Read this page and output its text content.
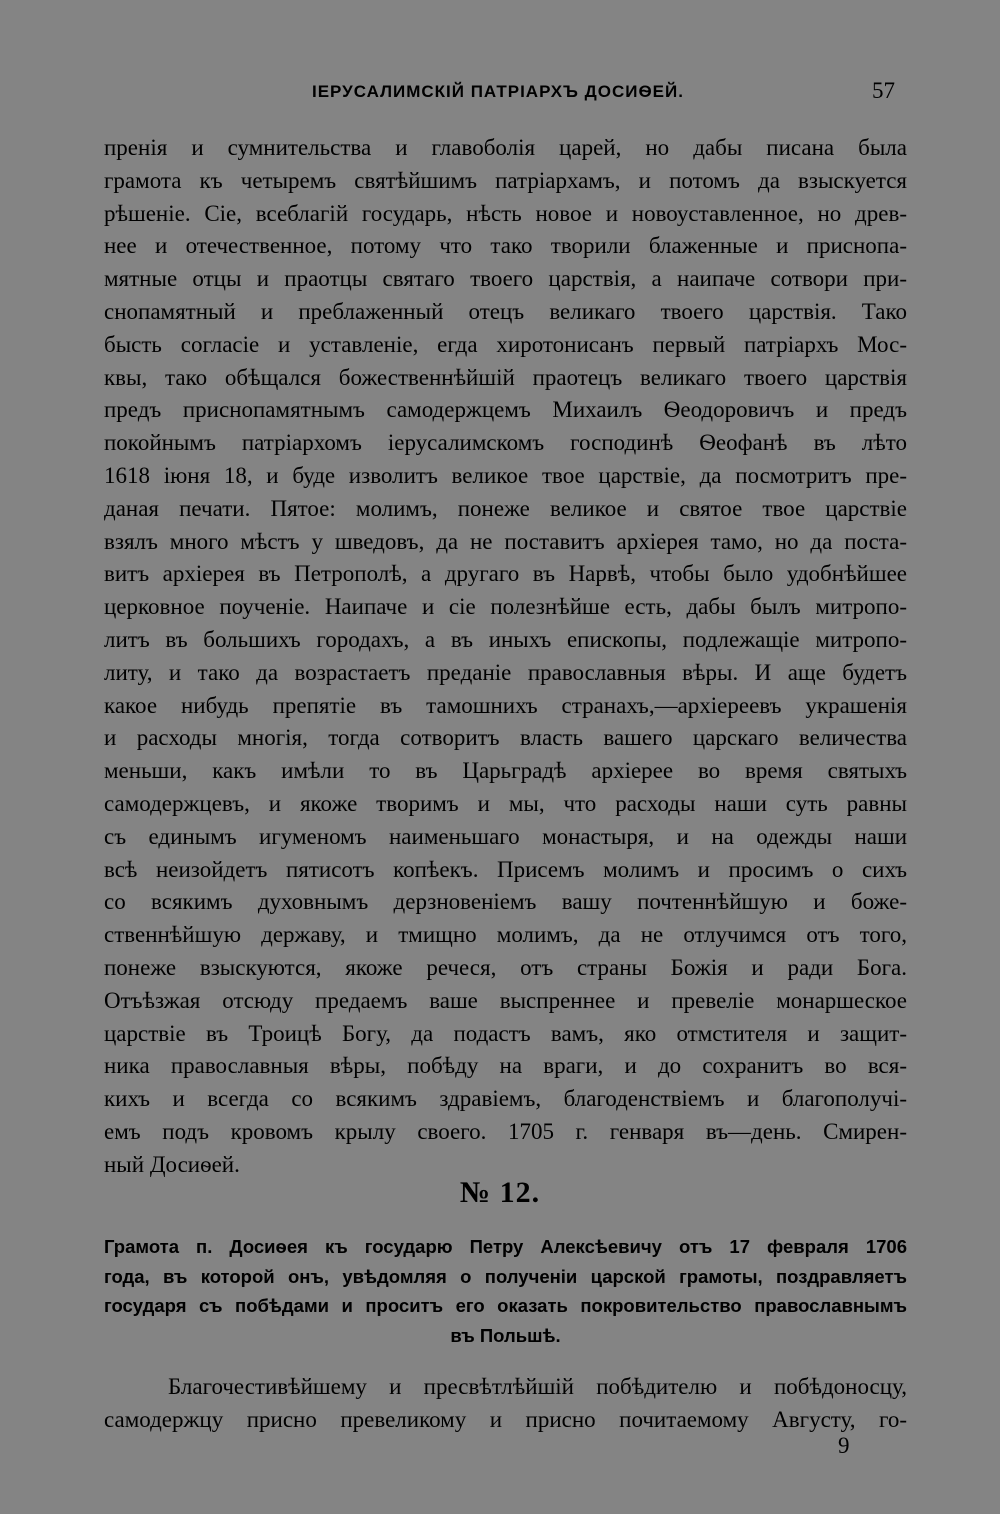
ІЕРУСАЛИМСКІЙ ПАТРІАРХЪ ДОСИѲЕЙ.	57
пренія и сумнительства и главоболія царей, но дабы писана была
грамота къ четыремъ святѣйшимъ патріархамъ, и потомъ да взыскуется
рѣшеніе. Сіе, всеблагій государь, нѣсть новое и новоуставленное, но древ-
нее и отечественное, потому что тако творили блаженные и приснопа-
мятные отцы и праотцы святаго твоего царствія, а наипаче сотвори при-
снопамятный и преблаженный отецъ великаго твоего царствія. Тако
бысть согласіе и уставленіе, егда хиротонисанъ первый патріархъ Мос-
квы, тако обѣщался божественнѣйшій праотецъ великаго твоего царствія
предъ приснопамятнымъ самодержцемъ Михаилъ Ѳеодоровичъ и предъ
покойнымъ патріархомъ іерусалимскомъ господинѣ Ѳеофанѣ въ лѣто
1618 іюня 18, и буде изволитъ великое твое царствіе, да посмотритъ пре-
даная печати. Пятое: молимъ, понеже великое и святое твое царствіе
взялъ много мѣстъ у шведовъ, да не поставитъ архіерея тамо, но да поста-
витъ архіерея въ Петрополѣ, а другаго въ Нарвѣ, чтобы было удобнѣйшее
церковное поученіе. Наипаче и сіе полезнѣйше есть, дабы былъ митропо-
литъ въ большихъ городахъ, а въ иныхъ епископы, подлежащіе митропо-
литу, и тако да возрастаетъ преданіе православныя вѣры. И аще будетъ
какое нибудь препятіе въ тамошнихъ странахъ,—архіереевъ украшенія
и расходы многія, тогда сотворитъ власть вашего царскаго величества
меньши, какъ имѣли то въ Царьградѣ архіерее во время святыхъ
самодержцевъ, и якоже творимъ и мы, что расходы наши суть равны
съ единымъ игуменомъ наименьшаго монастыря, и на одежды наши
всѣ неизойдетъ пятисотъ копѣекъ. Присемъ молимъ и просимъ о сихъ
со всякимъ духовнымъ дерзновеніемъ вашу почтеннѣйшую и боже-
ственнѣйшую державу, и тмищно молимъ, да не отлучимся отъ того,
понеже взыскуются, якоже речеся, отъ страны Божія и ради Бога.
Отъѣзжая отсюду предаемъ ваше выспреннее и превеліе монаршеское
царствіе въ Троицѣ Богу, да подастъ вамъ, яко отмстителя и защит-
ника православныя вѣры, побѣду на враги, и до сохранитъ во вся-
кихъ и всегда со всякимъ здравіемъ, благоденствіемъ и благополучі-
емъ подъ кровомъ крылу своего. 1705 г. генваря въ—день. Смирен-
ный Досиѳей.
№ 12.
Грамота п. Досиѳея къ государю Петру Алексѣевичу отъ 17 февраля 1706
года, въ которой онъ, увѣдомляя о полученіи царской грамоты, поздравляетъ
государя съ побѣдами и проситъ его оказать покровительство православнымъ
въ Польшѣ.
Благочестивѣйшему и пресвѣтлѣйшій побѣдителю и побѣдоносцу,
самодержцу присно превеликому и присно почитаемому Августу, го-
9
